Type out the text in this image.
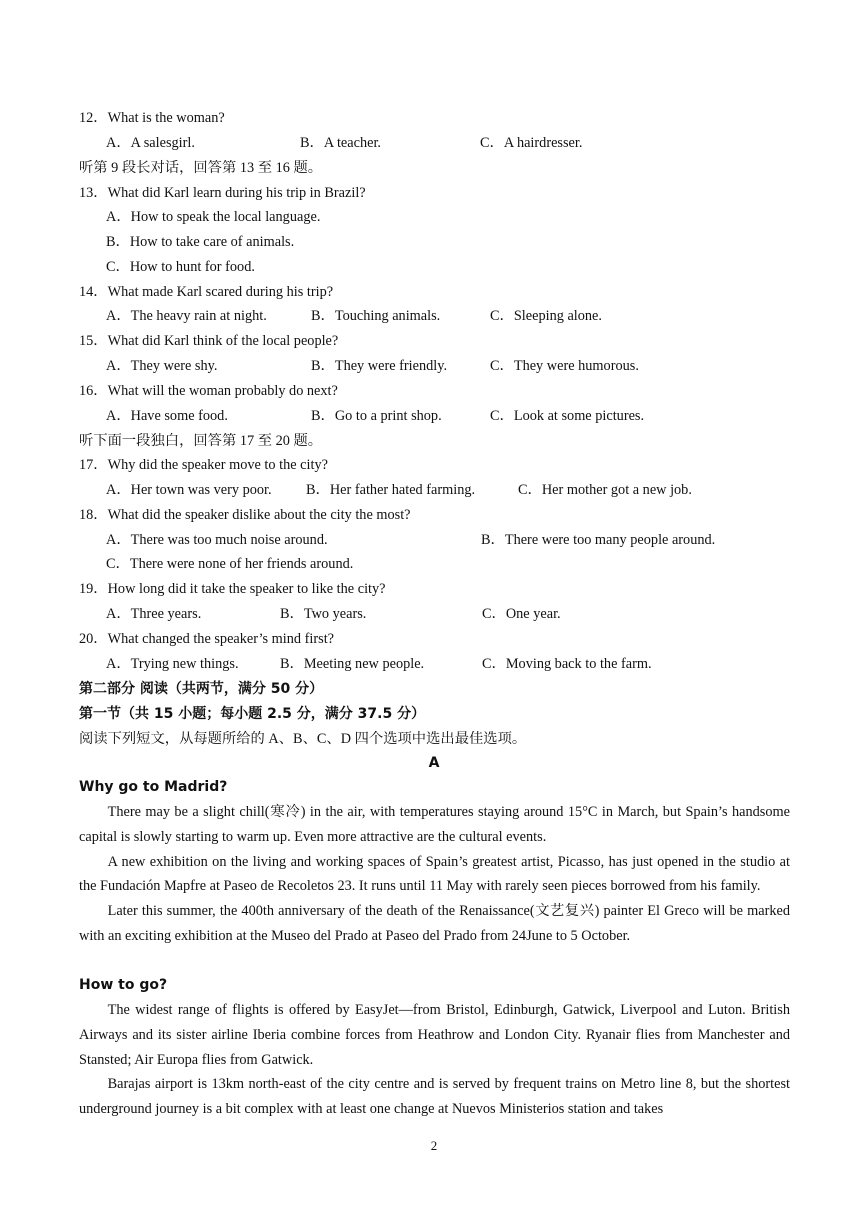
12．What is the woman?
A．A salesgirl.	B．A teacher.	C．A hairdresser.
听第 9 段长对话，回答第 13 至 16 题。
13．What did Karl learn during his trip in Brazil?
A．How to speak the local language.
B．How to take care of animals.
C．How to hunt for food.
14．What made Karl scared during his trip?
A．The heavy rain at night.	B．Touching animals.	C．Sleeping alone.
15．What did Karl think of the local people?
A．They were shy.	B．They were friendly.	C．They were humorous.
16．What will the woman probably do next?
A．Have some food.	B．Go to a print shop.	C．Look at some pictures.
听下面一段独白，回答第 17 至 20 题。
17．Why did the speaker move to the city?
A．Her town was very poor. B．Her father hated farming.	C．Her mother got a new job.
18．What did the speaker dislike about the city the most?
A．There was too much noise around.	B．There were too many people around.
C．There were none of her friends around.
19．How long did it take the speaker to like the city?
A．Three years.	B．Two years.	C．One year.
20．What changed the speaker’s mind first?
A．Trying new things.	B．Meeting new people.	C．Moving back to the farm.
第二部分 阅读（共两节，满分 50 分）
第一节（共 15 小题；每小题 2.5 分，满分 37.5 分）
阅读下列短文，从每题所给的 A、B、C、D 四个选项中选出最佳选项。
A
Why go to Madrid?

There may be a slight chill(寒冷) in the air, with temperatures staying around 15°C in March, but Spain’s handsome capital is slowly starting to warm up. Even more attractive are the cultural events.

A new exhibition on the living and working spaces of Spain’s greatest artist, Picasso, has just opened in the studio at the Fundación Mapfre at Paseo de Recoletos 23. It runs until 11 May with rarely seen pieces borrowed from his family.

Later this summer, the 400th anniversary of the death of the Renaissance(文艺复兴) painter El Greco will be marked with an exciting exhibition at the Museo del Prado at Paseo del Prado from 24June to 5 October.

How to go?

The widest range of flights is offered by EasyJet—from Bristol, Edinburgh, Gatwick, Liverpool and Luton. British Airways and its sister airline Iberia combine forces from Heathrow and London City. Ryanair flies from Manchester and Stansted; Air Europa flies from Gatwick.

Barajas airport is 13km north-east of the city centre and is served by frequent trains on Metro line 8, but the shortest underground journey is a bit complex with at least one change at Nuevos Ministerios station and takes

2
